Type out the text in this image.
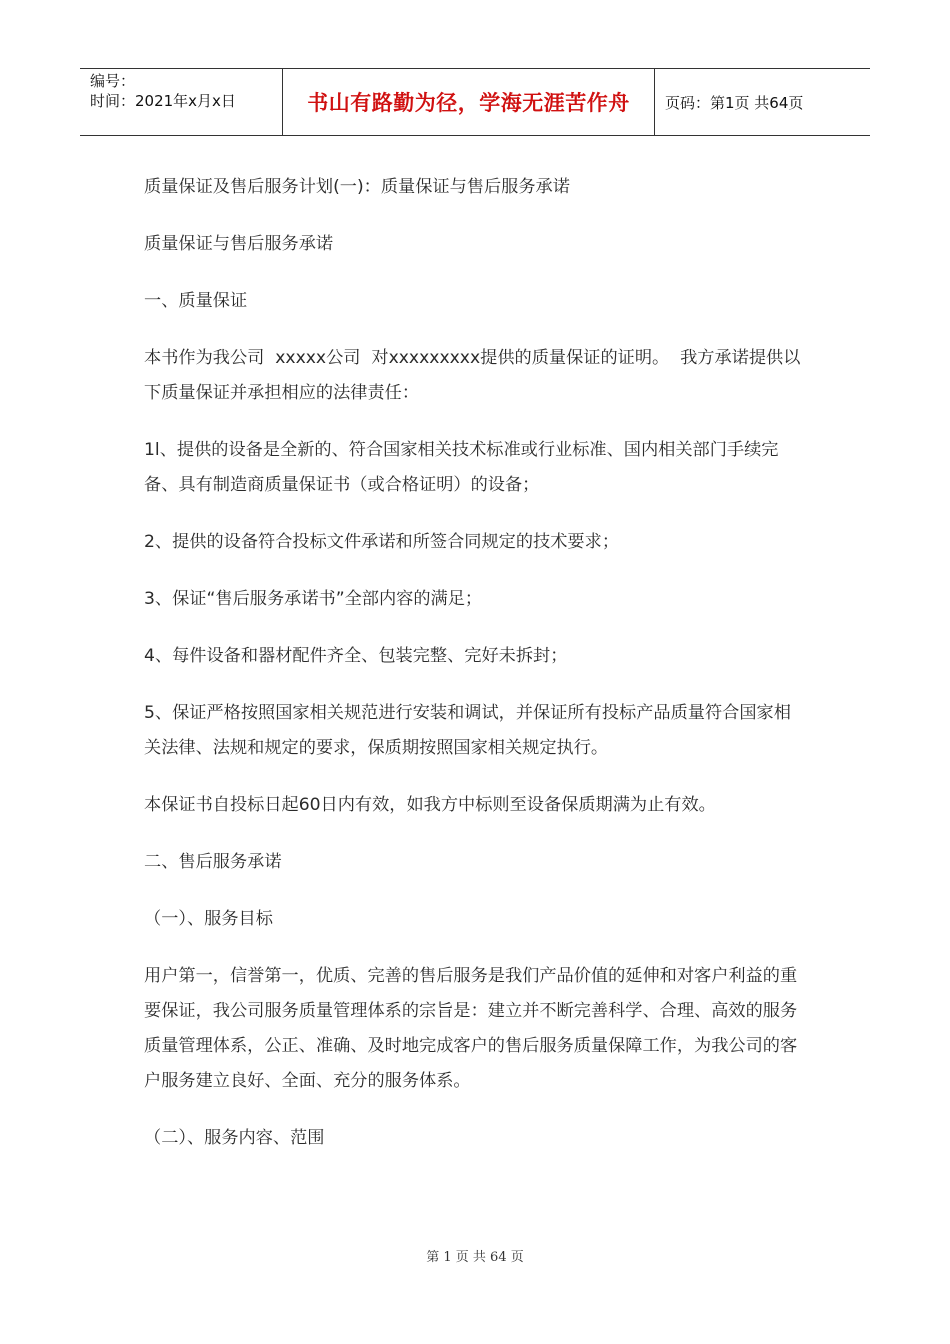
编号：
时间：2021年x月x日	书山有路勤为径，学海无涯苦作舟	页码：第1页 共64页

质量保证及售后服务计划(一)：质量保证与售后服务承诺

质量保证与售后服务承诺

一、质量保证

本书作为我公司  xxxxx公司  对xxxxxxxxx提供的质量保证的证明。  我方承诺提供以下质量保证并承担相应的法律责任：

1l、提供的设备是全新的、符合国家相关技术标准或行业标准、国内相关部门手续完备、具有制造商质量保证书（或合格证明）的设备；

2、提供的设备符合投标文件承诺和所签合同规定的技术要求；

3、保证“售后服务承诺书”全部内容的满足；

4、每件设备和器材配件齐全、包装完整、完好未拆封；

5、保证严格按照国家相关规范进行安装和调试，并保证所有投标产品质量符合国家相关法律、法规和规定的要求，保质期按照国家相关规定执行。

本保证书自投标日起60日内有效，如我方中标则至设备保质期满为止有效。

二、售后服务承诺

（一）、服务目标

用户第一，信誉第一，优质、完善的售后服务是我们产品价值的延伸和对客户利益的重要保证，我公司服务质量管理体系的宗旨是：建立并不断完善科学、合理、高效的服务质量管理体系，公正、准确、及时地完成客户的售后服务质量保障工作，为我公司的客户服务建立良好、全面、充分的服务体系。

（二）、服务内容、范围

第 1 页 共 64 页
